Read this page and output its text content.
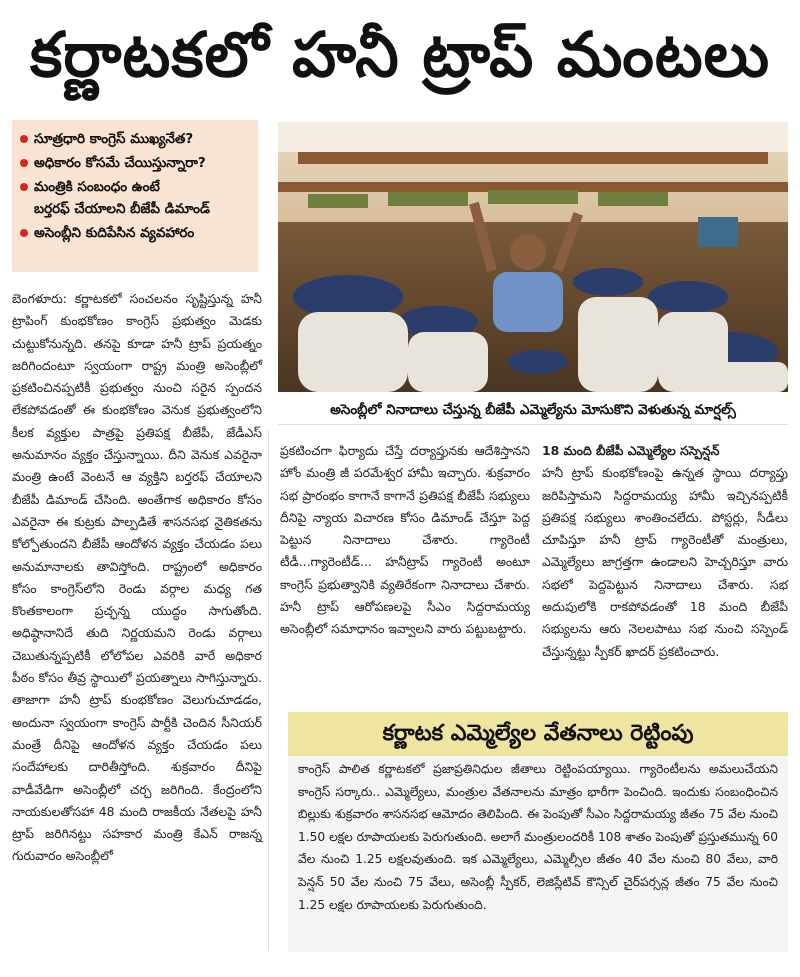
కర్ణాటకలో హనీ ట్రాప్ మంటలు
సూత్రధారి కాంగ్రెస్ ముఖ్యనేత?
అధికారం కోసమే చేయిస్తున్నారా?
మంత్రికి సంబంధం ఉంటే
బర్తరఫ్ చేయాలని బీజేపీ డిమాండ్
అసెంబ్లీని కుదిపేసిన వ్యవహారం
అసెంబ్లీలో నినాదాలు చేస్తున్న బీజేపీ ఎమ్మెల్యేను మోసుకొని వెళుతున్న మార్షల్స్

బెంగళూరు: కర్ణాటకలో సంచలనం సృష్టిస్తున్న హనీ ట్రాపింగ్ కుంభకోణం కాంగ్రెస్ ప్రభుత్వం మెడకు చుట్టుకోనున్నది. తనపై కూడా హనీ ట్రాప్ ప్రయత్నం జరిగిందంటూ స్వయంగా రాష్ట్ర మంత్రి అసెంబ్లీలో ప్రకటించినప్పటికీ ప్రభుత్వం నుంచి సరైన స్పందన లేకపోవడంతో ఈ కుంభకోణం వెనుక ప్రభుత్వంలోని కీలక వ్యక్తుల పాత్రపై ప్రతిపక్ష బీజేపీ, జేడీఎస్ అనుమానం వ్యక్తం చేస్తున్నాయి. దీని వెనుక ఎవరైనా మంత్రి ఉంటే వెంటనే ఆ వ్యక్తిని బర్తరఫ్ చేయాలని బీజేపీ డిమాండ్ చేసింది. అంతేగాక అధికారం కోసం ఎవరైనా ఈ కుట్రకు పాల్పడితే శాసనసభ నైతికతను కోల్పోతుందని బీజేపీ ఆందోళన వ్యక్తం చేయడం పలు అనుమానాలకు తావిస్తోంది. రాష్ట్రంలో అధికారం కోసం కాంగ్రెస్‌లోని రెండు వర్గాల మధ్య గత కొంతకాలంగా ప్రచ్ఛన్న యుద్ధం సాగుతోంది. అధిష్ఠానానిదే తుది నిర్ణయమని రెండు వర్గాలు చెబుతున్నప్పటికీ లోలోపల ఎవరికి వారే అధికార పీఠం కోసం తీవ్ర స్థాయిలో ప్రయత్నాలు సాగిస్తున్నారు. తాజాగా హనీ ట్రాప్ కుంభకోణం వెలుగుచూడడం, అందునా స్వయంగా కాంగ్రెస్ పార్టీకి చెందిన సీనియర్ మంత్రే దీనిపై ఆందోళన వ్యక్తం చేయడం పలు సందేహాలకు దారితీస్తోంది. శుక్రవారం దీనిపై వాడీవేడిగా అసెంబ్లీలో చర్చ జరిగింది. కేంద్రంలోని నాయకులతోసహా 48 మంది రాజకీయ నేతలపై హనీ ట్రాప్ జరిగినట్టు సహకార మంత్రి కేఎన్ రాజన్న గురువారం అసెంబ్లీలో

ప్రకటించగా ఫిర్యాదు చేస్తే దర్యాప్తునకు ఆదేశిస్తానని హోం మంత్రి జీ పరమేశ్వర హామీ ఇచ్చారు. శుక్రవారం సభ ప్రారంభం కాగానే కాగానే ప్రతిపక్ష బీజేపీ సభ్యులు దీనిపై న్యాయ విచారణ కోసం డిమాండ్ చేస్తూ పెద్ద పెట్టున నినాదాలు చేశారు. గ్యారెంటీ టీడీ...గ్యారెంటీడ్... హనీట్రాప్ గ్యారెంటీ అంటూ కాంగ్రెస్ ప్రభుత్వానికి వ్యతిరేకంగా నినాదాలు చేశారు. హనీ ట్రాప్ ఆరోపణలపై సీఎం సిద్దరామయ్య అసెంబ్లీలో సమాధానం ఇవ్వాలని వారు పట్టుబట్టారు.

18 మంది బీజేపీ ఎమ్మెల్యేల సస్పెన్షన్

హనీ ట్రాప్ కుంభకోణంపై ఉన్నత స్థాయి దర్యాప్తు జరిపిస్తామని సిద్దరామయ్య హామీ ఇచ్చినప్పటికీ ప్రతిపక్ష సభ్యులు శాంతించలేదు. పోస్టర్లు, సీడీలు చూపిస్తూ హనీ ట్రాప్ గ్యారెంటీతో మంత్రులు, ఎమ్మెల్యేలు జాగ్రత్తగా ఉండాలని హెచ్చరిస్తూ వారు సభలో పెద్దపెట్టున నినాదాలు చేశారు. సభ అదుపులోకి రాకపోవడంతో 18 మంది బీజేపీ సభ్యులను ఆరు నెలలపాటు సభ నుంచి సస్పెండ్ చేస్తున్నట్టు స్పీకర్ ఖాదర్ ప్రకటించారు.

కర్ణాటక ఎమ్మెల్యేల వేతనాలు రెట్టింపు

కాంగ్రెస్ పాలిత కర్ణాటకలో ప్రజాప్రతినిధుల జీతాలు రెట్టింపయ్యాయి. గ్యారెంటీలను అమలుచేయని కాంగ్రెస్ సర్కారు.. ఎమ్మెల్యేలు, మంత్రుల వేతనాలను మాత్రం భారీగా పెంచింది. ఇందుకు సంబంధించిన బిల్లుకు శుక్రవారం శాసనసభ ఆమోదం తెలిపింది. ఈ పెంపుతో సీఎం సిద్దరామయ్య జీతం 75 వేల నుంచి 1.50 లక్షల రూపాయలకు పెరుగుతుంది. అలాగే మంత్రులందరికీ 108 శాతం పెంపుతో ప్రస్తుతమున్న 60 వేల నుంచి 1.25 లక్షలవుతుంది. ఇక ఎమ్మెల్యేలు, ఎమ్మెల్సీల జీతం 40 వేల నుంచి 80 వేలు, వారి పెన్షన్ 50 వేల నుంచి 75 వేలు, అసెంబ్లీ స్పీకర్, లెజిస్లేటివ్ కౌన్సిల్ చైర్‌పర్సన్ల జీతం 75 వేల నుంచి 1.25 లక్షల రూపాయలకు పెరుగుతుంది.
